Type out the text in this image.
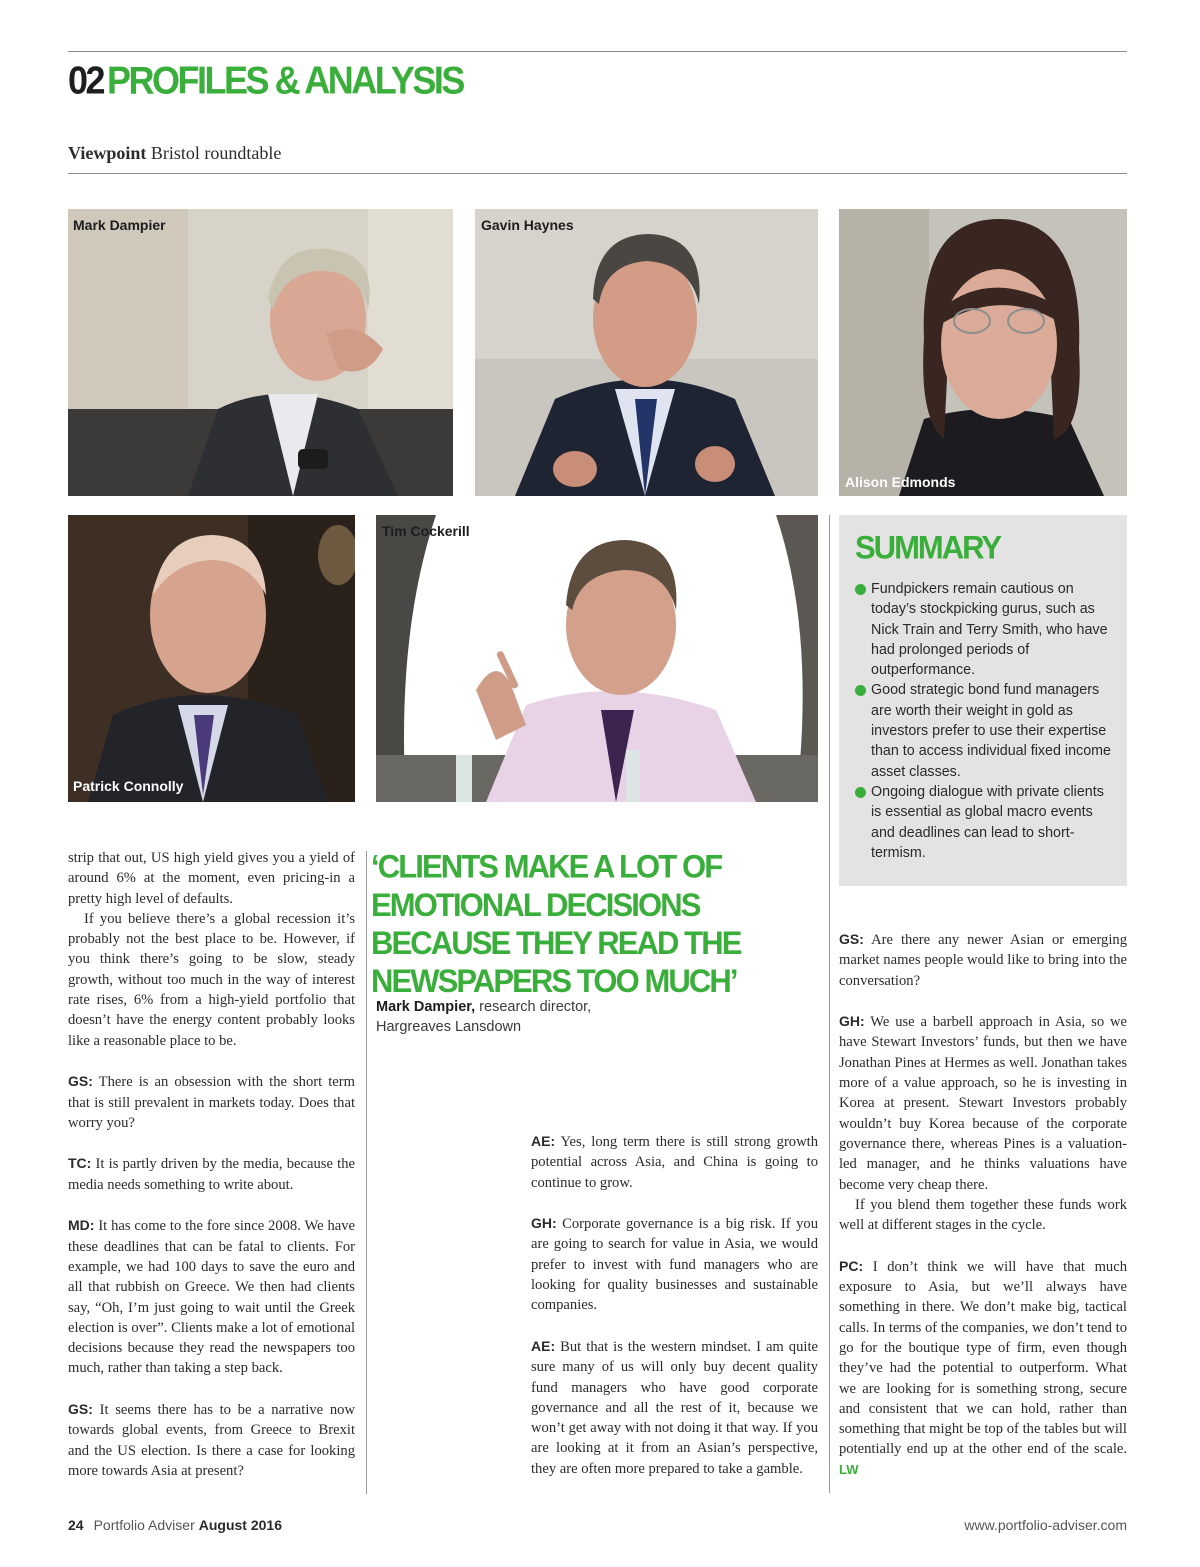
02 PROFILES & ANALYSIS
Viewpoint Bristol roundtable
Mark Dampier	Gavin Haynes
Alison Edmonds
Patrick Connolly
Tim Cockerill	SUMMARY
Fundpickers remain cautious on today’s stockpicking gurus, such as Nick Train and Terry Smith, who have had prolonged periods of outperformance.
Good strategic bond fund managers are worth their weight in gold as investors prefer to use their expertise than to access individual fixed income asset classes.
Ongoing dialogue with private clients is essential as global macro events and deadlines can lead to short-termism.

strip that out, US high yield gives you a yield of around 6% at the moment, even pricing-in a pretty high level of defaults.

If you believe there’s a global recession it’s probably not the best place to be. However, if you think there’s going to be slow, steady growth, without too much in the way of interest rate rises, 6% from a high-yield portfolio that doesn’t have the energy content probably looks like a reasonable place to be.

GS: There is an obsession with the short term that is still prevalent in markets today. Does that worry you?

TC: It is partly driven by the media, because the media needs something to write about.

MD: It has come to the fore since 2008. We have these deadlines that can be fatal to clients. For example, we had 100 days to save the euro and all that rubbish on Greece. We then had clients say, “Oh, I’m just going to wait until the Greek election is over”. Clients make a lot of emotional decisions because they read the newspapers too much, rather than taking a step back.

GS: It seems there has to be a narrative now towards global events, from Greece to Brexit and the US election. Is there a case for looking more towards Asia at present?

‘CLIENTS MAKE A LOT OF EMOTIONAL DECISIONS BECAUSE THEY READ THE NEWSPAPERS TOO MUCH’
Mark Dampier, research director,
Hargreaves Lansdown

AE: Yes, long term there is still strong growth potential across Asia, and China is going to continue to grow.

GH: Corporate governance is a big risk. If you are going to search for value in Asia, we would prefer to invest with fund managers who are looking for quality businesses and sustainable companies.

AE: But that is the western mindset. I am quite sure many of us will only buy decent quality fund managers who have good corporate governance and all the rest of it, because we won’t get away with not doing it that way. If you are looking at it from an Asian’s perspective, they are often more prepared to take a gamble.

GS: Are there any newer Asian or emerging market names people would like to bring into the conversation?

GH: We use a barbell approach in Asia, so we have Stewart Investors’ funds, but then we have Jonathan Pines at Hermes as well. Jonathan takes more of a value approach, so he is investing in Korea at present. Stewart Investors probably wouldn’t buy Korea because of the corporate governance there, whereas Pines is a valuation-led manager, and he thinks valuations have become very cheap there.

If you blend them together these funds work well at different stages in the cycle.

PC: I don’t think we will have that much exposure to Asia, but we’ll always have something in there. We don’t make big, tactical calls. In terms of the companies, we don’t tend to go for the boutique type of firm, even though they’ve had the potential to outperform. What we are looking for is something strong, secure and consistent that we can hold, rather than something that might be top of the tables but will potentially end up at the other end of the scale. LW

24 Portfolio Adviser August 2016	www.portfolio-adviser.com
